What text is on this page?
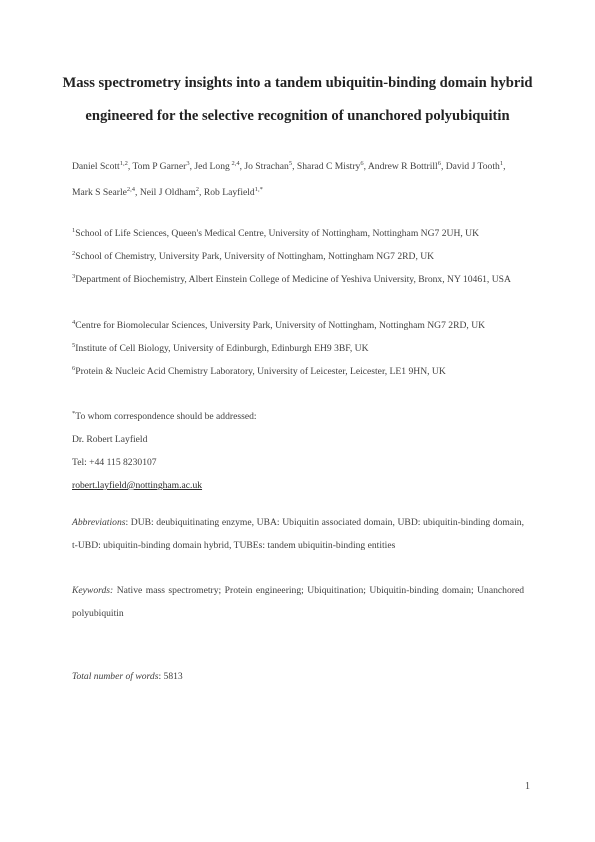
Mass spectrometry insights into a tandem ubiquitin-binding domain hybrid
engineered for the selective recognition of unanchored polyubiquitin
Daniel Scott$^{1,2}$, Tom P Garner$^3$, Jed Long $^{2,4}$, Jo Strachan$^5$, Sharad C Mistry$^6$, Andrew R Bottrill$^6$, David J Tooth$^1$, Mark S Searle$^{2,4}$, Neil J Oldham$^2$, Rob Layfield$^{1,*}$
$^1$School of Life Sciences, Queen's Medical Centre, University of Nottingham, Nottingham NG7 2UH, UK
$^2$School of Chemistry, University Park, University of Nottingham, Nottingham NG7 2RD, UK
$^3$Department of Biochemistry, Albert Einstein College of Medicine of Yeshiva University, Bronx, NY 10461, USA
$^4$Centre for Biomolecular Sciences, University Park, University of Nottingham, Nottingham NG7 2RD, UK
$^5$Institute of Cell Biology, University of Edinburgh, Edinburgh EH9 3BF, UK
$^6$Protein & Nucleic Acid Chemistry Laboratory, University of Leicester, Leicester, LE1 9HN, UK
*To whom correspondence should be addressed:
Dr. Robert Layfield
Tel: +44 115 8230107
robert.layfield@nottingham.ac.uk
Abbreviations: DUB: deubiquitinating enzyme, UBA: Ubiquitin associated domain, UBD: ubiquitin-binding domain, t-UBD: ubiquitin-binding domain hybrid, TUBEs: tandem ubiquitin-binding entities
Keywords: Native mass spectrometry; Protein engineering; Ubiquitination; Ubiquitin-binding domain; Unanchored polyubiquitin
Total number of words: 5813
1
